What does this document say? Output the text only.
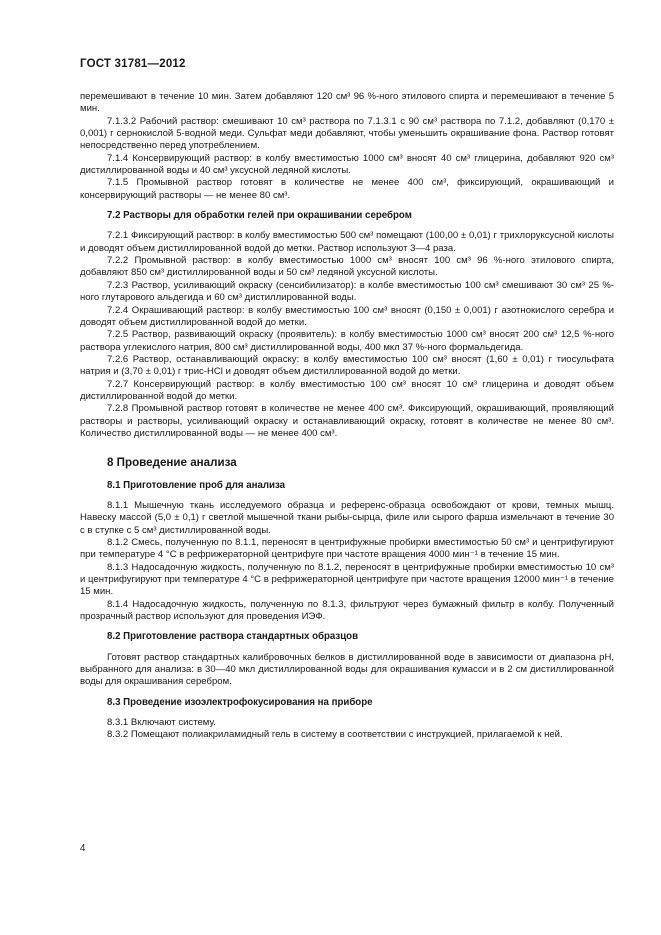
ГОСТ 31781—2012

перемешивают в течение 10 мин. Затем добавляют 120 см³ 96 %-ного этилового спирта и перемешивают в течение 5 мин.

7.1.3.2 Рабочий раствор: смешивают 10 см³ раствора по 7.1.3.1 с 90 см³ раствора по 7.1.2, добавляют (0,170 ± 0,001) г сернокислой 5-водной меди. Сульфат меди добавляют, чтобы уменьшить окрашивание фона. Раствор готовят непосредственно перед употреблением.

7.1.4 Консервирующий раствор: в колбу вместимостью 1000 см³ вносят 40 см³ глицерина, добавляют 920 см³ дистиллированной воды и 40 см³ уксусной ледяной кислоты.

7.1.5 Промывной раствор готовят в количестве не менее 400 см³, фиксирующий, окрашивающий и консервирующий растворы — не менее 80 см³.

7.2 Растворы для обработки гелей при окрашивании серебром

7.2.1 Фиксирующий раствор: в колбу вместимостью 500 см³ помещают (100,00 ± 0,01) г трихлоруксусной кислоты и доводят объем дистиллированной водой до метки. Раствор используют 3—4 раза.

7.2.2 Промывной раствор: в колбу вместимостью 1000 см³ вносят 100 см³ 96 %-ного этилового спирта, добавляют 850 см³ дистиллированной воды и 50 см³ ледяной уксусной кислоты.

7.2.3 Раствор, усиливающий окраску (сенсибилизатор): в колбе вместимостью 100 см³ смешивают 30 см³ 25 %-ного глутарового альдегида и 60 см³ дистиллированной воды.

7.2.4 Окрашивающий раствор: в колбу вместимостью 100 см³ вносят (0,150 ± 0,001) г азотнокислого серебра и доводят объем дистиллированной водой до метки.

7.2.5 Раствор, развивающий окраску (проявитель): в колбу вместимостью 1000 см³ вносят 200 см³ 12,5 %-ного раствора углекислого натрия, 800 см³ дистиллированной воды, 400 мкл 37 %-ного формальдегида.

7.2.6 Раствор, останавливающий окраску: в колбу вместимостью 100 см³ вносят (1,60 ± 0,01) г тиосульфата натрия и (3,70 ± 0,01) г трис-HCl и доводят объем дистиллированной водой до метки.

7.2.7 Консервирующий раствор: в колбу вместимостью 100 см³ вносят 10 см³ глицерина и доводят объем дистиллированной водой до метки.

7.2.8 Промывной раствор готовят в количестве не менее 400 см³. Фиксирующий, окрашивающий, проявляющий растворы и растворы, усиливающий окраску и останавливающий окраску, готовят в количестве не менее 80 см³. Количество дистиллированной воды — не менее 400 см³.

8 Проведение анализа
8.1 Приготовление проб для анализа

8.1.1 Мышечную ткань исследуемого образца и референс-образца освобождают от крови, темных мышц. Навеску массой (5,0 ± 0,1) г светлой мышечной ткани рыбы-сырца, филе или сырого фарша измельчают в течение 30 с в ступке с 5 см³ дистиллированной воды.

8.1.2 Смесь, полученную по 8.1.1, переносят в центрифужные пробирки вместимостью 50 см³ и центрифугируют при температуре 4 °С в рефрижераторной центрифуге при частоте вращения 4000 мин⁻¹ в течение 15 мин.

8.1.3 Надосадочную жидкость, полученную по 8.1.2, переносят в центрифужные пробирки вместимостью 10 см³ и центрифугируют при температуре 4 °С в рефрижераторной центрифуге при частоте вращения 12000 мин⁻¹ в течение 15 мин.

8.1.4 Надосадочную жидкость, полученную по 8.1.3, фильтруют через бумажный фильтр в колбу. Полученный прозрачный раствор используют для проведения ИЭФ.

8.2 Приготовление раствора стандартных образцов

Готовят раствор стандартных калибровочных белков в дистиллированной воде в зависимости от диапазона pH, выбранного для анализа: в 30—40 мкл дистиллированной воды для окрашивания кумасси и в 2 см дистиллированной воды для окрашивания серебром.

8.3 Проведение изоэлектрофокусирования на приборе

8.3.1 Включают систему.

8.3.2 Помещают полиакриламидный гель в систему в соответствии с инструкцией, прилагаемой к ней.

4
